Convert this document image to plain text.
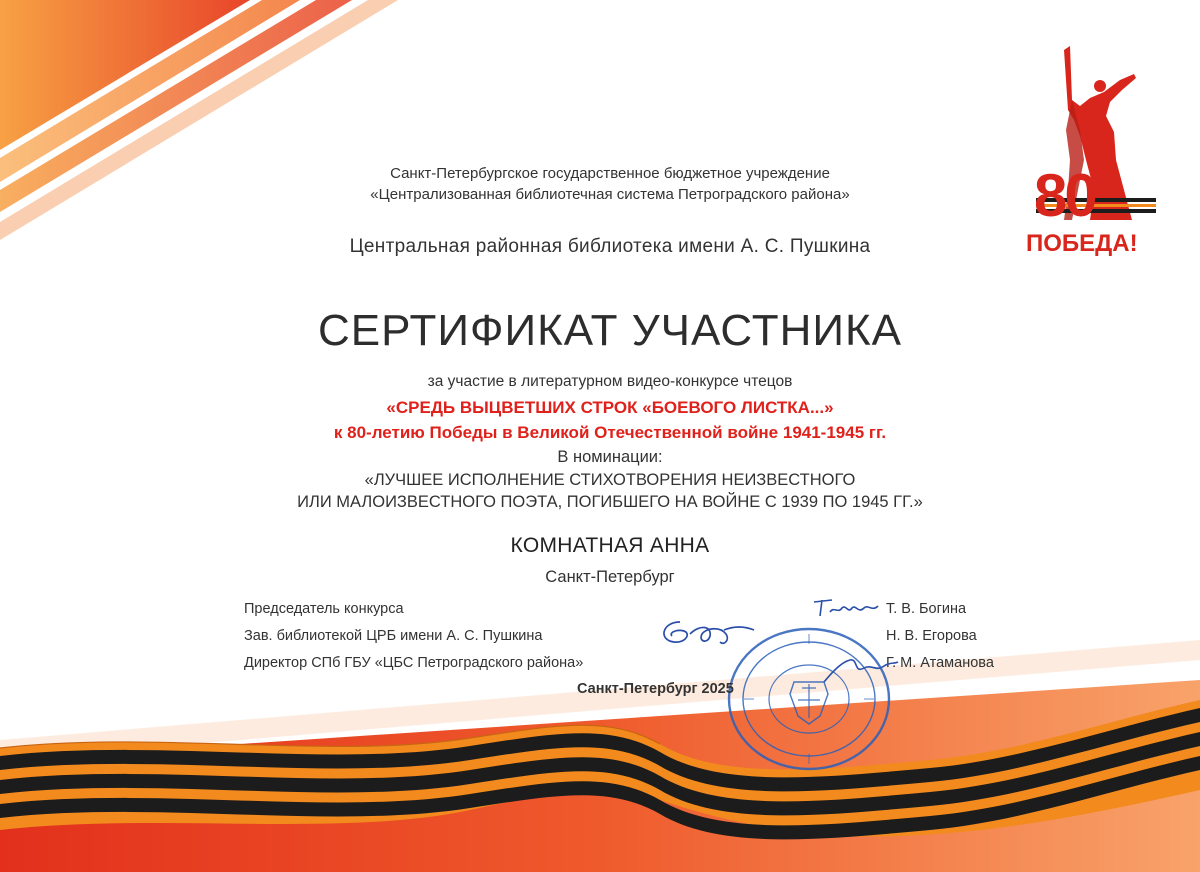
80
ПОБЕДА!
Санкт-Петербургское государственное бюджетное учреждение
«Централизованная библиотечная система Петроградского района»
Центральная районная библиотека имени А. С. Пушкина
СЕРТИФИКАТ УЧАСТНИКА
за участие в литературном видео-конкурсе чтецов
«СРЕДЬ ВЫЦВЕТШИХ СТРОК «БОЕВОГО ЛИСТКА...»
к 80-летию Победы в Великой Отечественной войне 1941-1945 гг.
В номинации:
«ЛУЧШЕЕ ИСПОЛНЕНИЕ СТИХОТВОРЕНИЯ НЕИЗВЕСТНОГО
ИЛИ МАЛОИЗВЕСТНОГО ПОЭТА, ПОГИБШЕГО НА ВОЙНЕ С 1939 ПО 1945 ГГ.»
КОМНАТНАЯ АННА
Санкт-Петербург
Председатель конкурса
Зав. библиотекой ЦРБ имени А. С. Пушкина
Директор СПб ГБУ «ЦБС Петроградского района»
Т. В. Богина
Н. В. Егорова
Г. М. Атаманова
Санкт-Петербург 2025
